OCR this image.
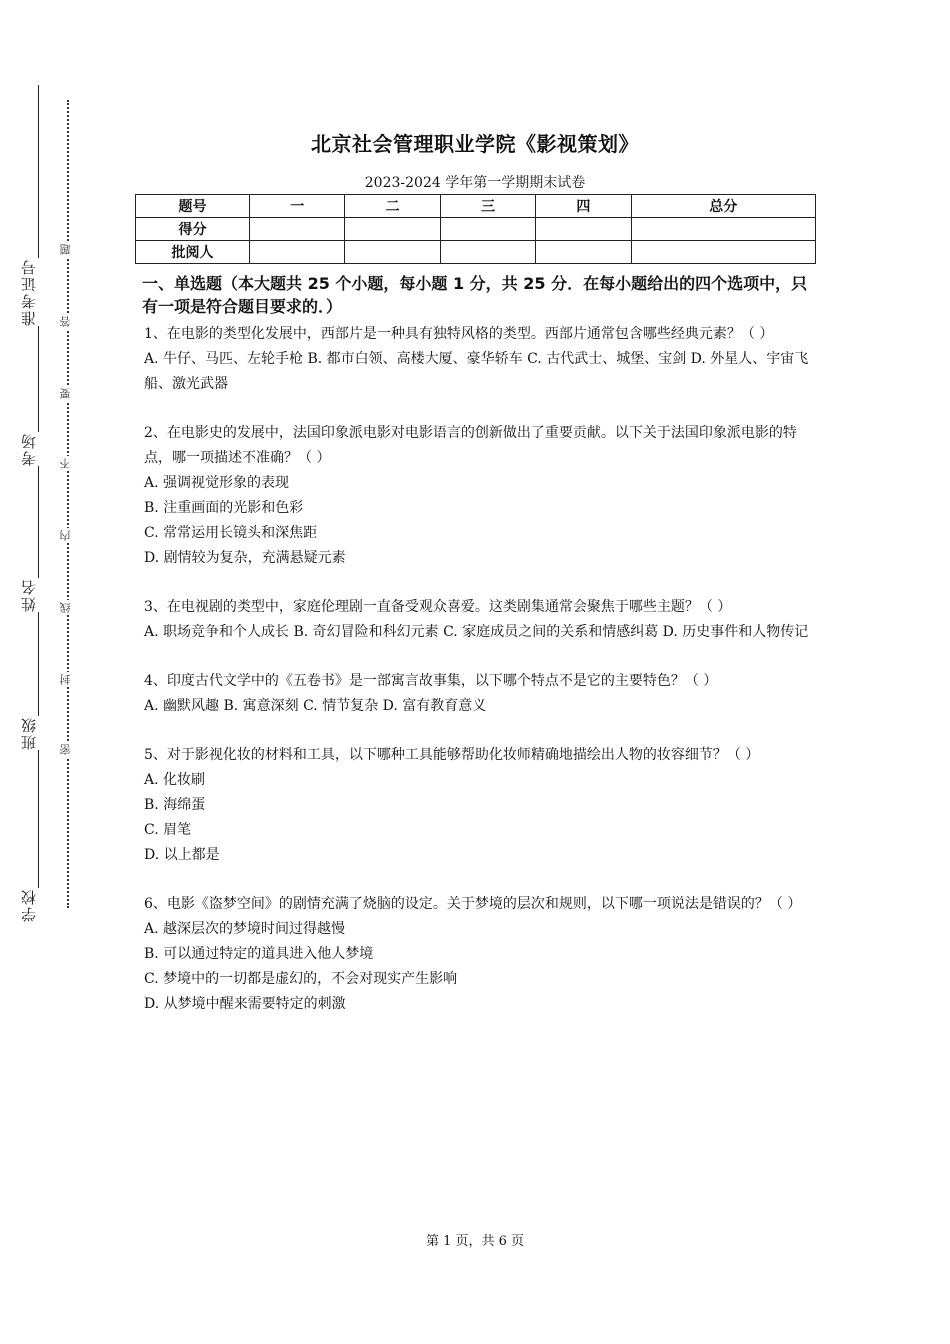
准考证号
考场
姓名
班级
学校
题
答
要
不
内
线
封
密
北京社会管理职业学院《影视策划》
2023-2024 学年第一学期期末试卷
题号	一	二	三	四	总分
得分					
批阅人					
一、单选题（本大题共 25 个小题，每小题 1 分，共 25 分．在每小题给出的四个选项中，只有一项是符合题目要求的．）

1、在电影的类型化发展中，西部片是一种具有独特风格的类型。西部片通常包含哪些经典元素？（ ）

A. 牛仔、马匹、左轮手枪 B. 都市白领、高楼大厦、豪华轿车 C. 古代武士、城堡、宝剑 D. 外星人、宇宙飞船、激光武器

2、在电影史的发展中，法国印象派电影对电影语言的创新做出了重要贡献。以下关于法国印象派电影的特点，哪一项描述不准确？（ ）

A. 强调视觉形象的表现

B. 注重画面的光影和色彩

C. 常常运用长镜头和深焦距

D. 剧情较为复杂，充满悬疑元素

3、在电视剧的类型中，家庭伦理剧一直备受观众喜爱。这类剧集通常会聚焦于哪些主题？（ ）

A. 职场竞争和个人成长 B. 奇幻冒险和科幻元素 C. 家庭成员之间的关系和情感纠葛 D. 历史事件和人物传记

4、印度古代文学中的《五卷书》是一部寓言故事集，以下哪个特点不是它的主要特色？（ ）

A. 幽默风趣 B. 寓意深刻 C. 情节复杂 D. 富有教育意义

5、对于影视化妆的材料和工具，以下哪种工具能够帮助化妆师精确地描绘出人物的妆容细节？（ ）

A. 化妆刷

B. 海绵蛋

C. 眉笔

D. 以上都是

6、电影《盗梦空间》的剧情充满了烧脑的设定。关于梦境的层次和规则，以下哪一项说法是错误的？（ ）

A. 越深层次的梦境时间过得越慢

B. 可以通过特定的道具进入他人梦境

C. 梦境中的一切都是虚幻的，不会对现实产生影响

D. 从梦境中醒来需要特定的刺激

第 1 页，共 6 页
